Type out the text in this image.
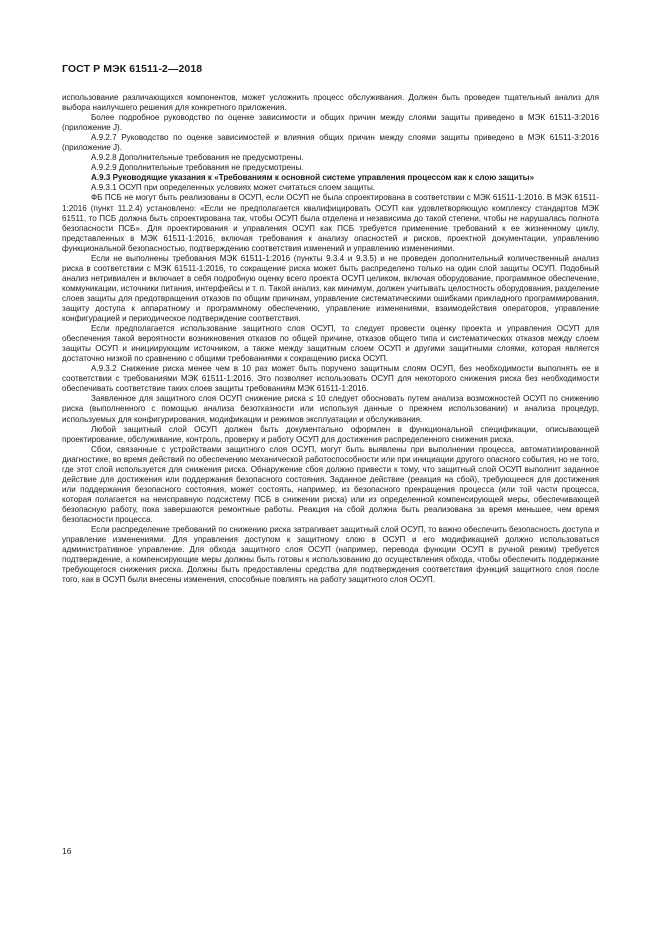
ГОСТ Р МЭК 61511-2—2018

использование различающихся компонентов, может усложнить процесс обслуживания. Должен быть проведен тщательный анализ для выбора наилучшего решения для конкретного приложения.

Более подробное руководство по оценке зависимости и общих причин между слоями защиты приведено в МЭК 61511-3:2016 (приложение J).

А.9.2.7 Руководство по оценке зависимостей и влияния общих причин между слоями защиты приведено в МЭК 61511-3:2016 (приложение J).

А.9.2.8 Дополнительные требования не предусмотрены.

А.9.2.9 Дополнительные требования не предусмотрены.

А.9.3 Руководящие указания к «Требованиям к основной системе управления процессом как к слою защиты»

А.9.3.1 ОСУП при определенных условиях может считаться слоем защиты.

ФБ ПСБ не могут быть реализованы в ОСУП, если ОСУП не была спроектирована в соответствии с МЭК 61511-1:2016. В МЭК 61511-1:2016 (пункт 11.2.4) установлено: «Если не предполагается квалифицировать ОСУП как удовлетворяющую комплексу стандартов МЭК 61511, то ПСБ должна быть спроектирована так, чтобы ОСУП была отделена и независима до такой степени, чтобы не нарушалась полнота безопасности ПСБ». Для проектирования и управления ОСУП как ПСБ требуется применение требований к ее жизненному циклу, представленных в МЭК 61511-1:2016, включая требования к анализу опасностей и рисков, проектной документации, управлению функциональной безопасностью, подтверждению соответствия изменений и управлению изменениями.

Если не выполнены требования МЭК 61511-1:2016 (пункты 9.3.4 и 9.3.5) и не проведен дополнительный количественный анализ риска в соответствии с МЭК 61511-1:2016, то сокращение риска может быть распределено только на один слой защиты ОСУП. Подобный анализ нетривиален и включает в себя подробную оценку всего проекта ОСУП целиком, включая оборудование, программное обеспечение, коммуникации, источники питания, интерфейсы и т. п. Такой анализ, как минимум, должен учитывать целостность оборудования, разделение слоев защиты для предотвращения отказов по общим причинам, управление систематическими ошибками прикладного программирования, защиту доступа к аппаратному и программному обеспечению, управление изменениями, взаимодействия операторов, управление конфигурацией и периодическое подтверждение соответствия.

Если предполагается использование защитного слоя ОСУП, то следует провести оценку проекта и управления ОСУП для обеспечения такой вероятности возникновения отказов по общей причине, отказов общего типа и систематических отказов между слоем защиты ОСУП и инициирующим источником, а также между защитным слоем ОСУП и другими защитными слоями, которая является достаточно низкой по сравнению с общими требованиями к сокращению риска ОСУП.

А.9.3.2 Снижение риска менее чем в 10 раз может быть поручено защитным слоям ОСУП, без необходимости выполнять ее в соответствии с требованиями МЭК 61511-1:2016. Это позволяет использовать ОСУП для некоторого снижения риска без необходимости обеспечивать соответствие таких слоев защиты требованиям МЭК 61511-1:2016.

Заявленное для защитного слоя ОСУП снижение риска ≤ 10 следует обосновать путем анализа возможностей ОСУП по снижению риска (выполненного с помощью анализа безотказности или используя данные о прежнем использовании) и анализа процедур, используемых для конфигурирования, модификации и режимов эксплуатации и обслуживания.

Любой защитный слой ОСУП должен быть документально оформлен в функциональной спецификации, описывающей проектирование, обслуживание, контроль, проверку и работу ОСУП для достижения распределенного снижения риска.

Сбои, связанные с устройствами защитного слоя ОСУП, могут быть выявлены при выполнении процесса, автоматизированной диагностике, во время действий по обеспечению механической работоспособности или при инициации другого опасного события, но не того, где этот слой используется для снижения риска. Обнаружение сбоя должно привести к тому, что защитный слой ОСУП выполнит заданное действие для достижения или поддержания безопасного состояния. Заданное действие (реакция на сбой), требующееся для достижения или поддержания безопасного состояния, может состоять, например, из безопасного прекращения процесса (или той части процесса, которая полагается на неисправную подсистему ПСБ в снижении риска) или из определенной компенсирующей меры, обеспечивающей безопасную работу, пока завершаются ремонтные работы. Реакция на сбой должна быть реализована за время меньшее, чем время безопасности процесса.

Если распределение требований по снижению риска затрагивает защитный слой ОСУП, то важно обеспечить безопасность доступа и управление изменениями. Для управления доступом к защитному слою в ОСУП и его модификацией должно использоваться административное управление. Для обхода защитного слоя ОСУП (например, перевода функции ОСУП в ручной режим) требуется подтверждение, а компенсирующие меры должны быть готовы к использованию до осуществления обхода, чтобы обеспечить поддержание требующегося снижения риска. Должны быть предоставлены средства для подтверждения соответствия функций защитного слоя после того, как в ОСУП были внесены изменения, способные повлиять на работу защитного слоя ОСУП.

16
